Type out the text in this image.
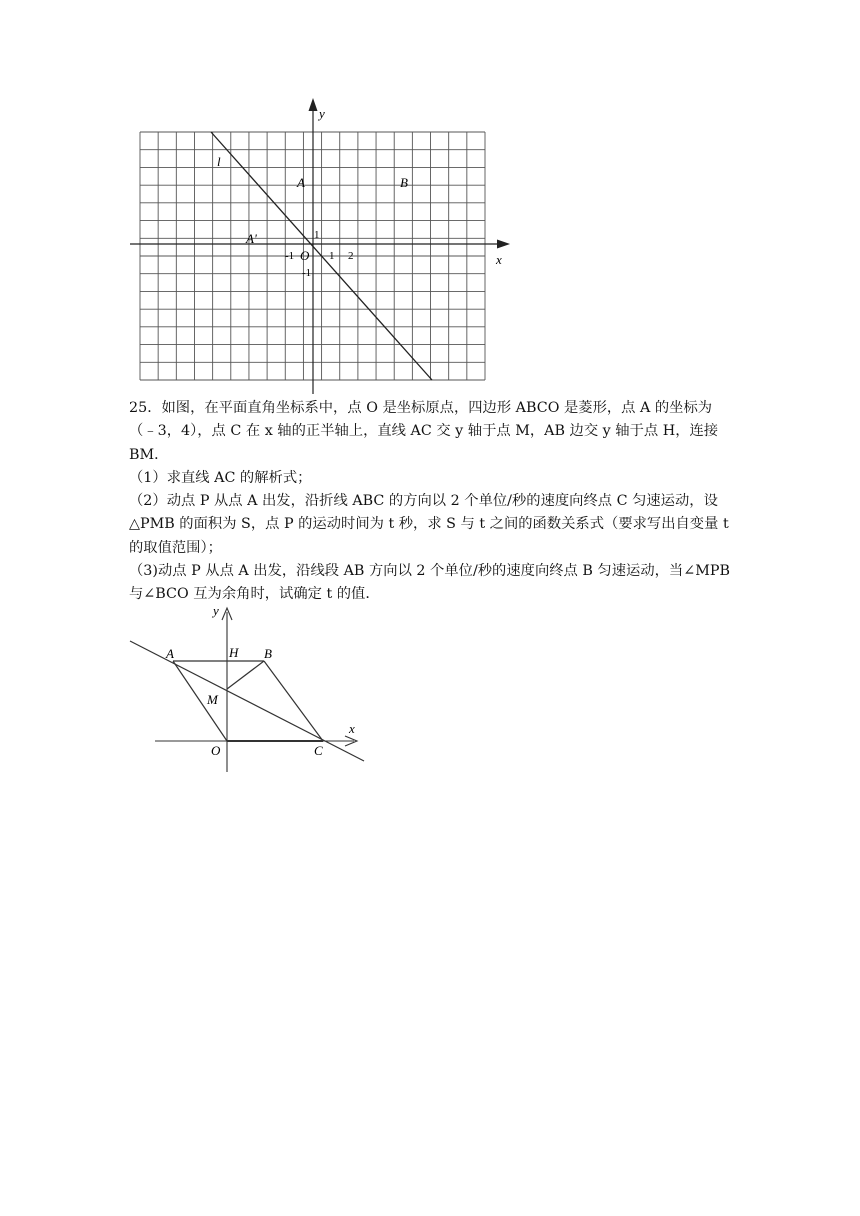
y
x
l
A	B
A'
O
-1	1 2
1
-1

25．如图，在平面直角坐标系中，点 O 是坐标原点，四边形 ABCO 是菱形，点 A 的坐标为（﹣3，4），点 C 在 x 轴的正半轴上，直线 AC 交 y 轴于点 M，AB 边交 y 轴于点 H，连接 BM．

（1）求直线 AC 的解析式；

（2）动点 P 从点 A 出发，沿折线 ABC 的方向以 2 个单位/秒的速度向终点 C 匀速运动，设△PMB 的面积为 S，点 P 的运动时间为 t 秒，求 S 与 t 之间的函数关系式（要求写出自变量 t 的取值范围）；

（3)动点 P 从点 A 出发，沿线段 AB 方向以 2 个单位/秒的速度向终点 B 匀速运动，当∠MPB 与∠BCO 互为余角时，试确定 t 的值．

y
x
A	H B
M
O	C
